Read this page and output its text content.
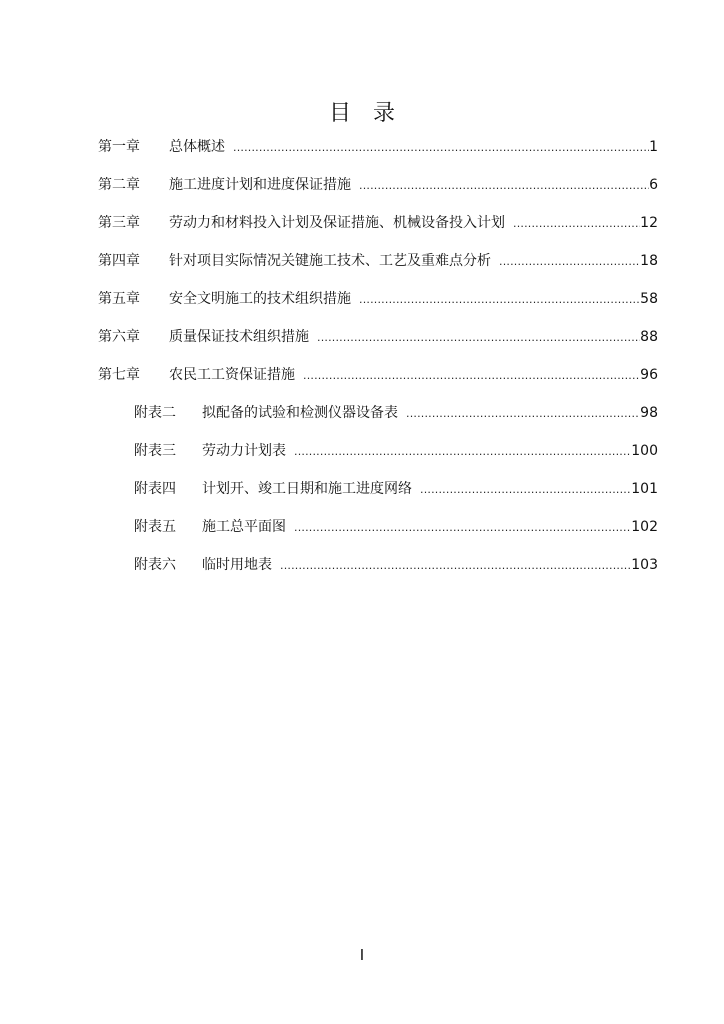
目　录
第一章	总体概述 .....	1
第二章	施工进度计划和进度保证措施 .....	6
第三章	劳动力和材料投入计划及保证措施、机械设备投入计划 .....	12
第四章	针对项目实际情况关键施工技术、工艺及重难点分析 .....	18
第五章	安全文明施工的技术组织措施 .....	58
第六章	质量保证技术组织措施 .....	88
第七章	农民工工资保证措施 .....	96
附表二	拟配备的试验和检测仪器设备表 .....	98
附表三	劳动力计划表 .....	100
附表四	计划开、竣工日期和施工进度网络 .....	101
附表五	施工总平面图 .....	102
附表六	临时用地表 .....	103
I
